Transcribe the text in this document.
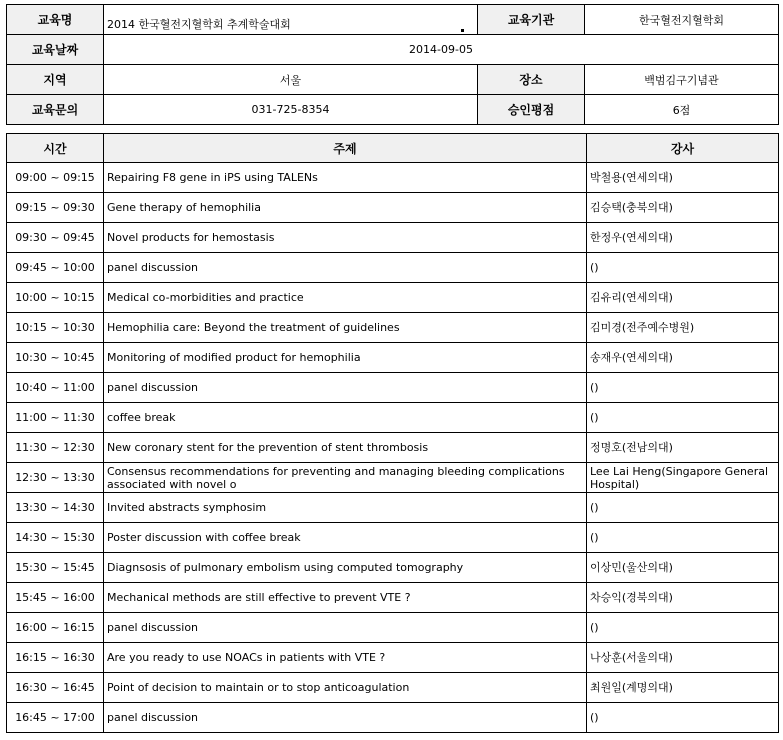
교육명	2014 한국혈전지혈학회 추계학술대회	교육기관	한국혈전지혈학회
교육날짜	2014-09-05		
지역	서울	장소	백범김구기념관
교육문의	031-725-8354	승인평점	6점
시간	주제	강사
09:00 ~ 09:15	Repairing F8 gene in iPS using TALENs	박철용(연세의대)
09:15 ~ 09:30	Gene therapy of hemophilia	김승택(충북의대)
09:30 ~ 09:45	Novel products for hemostasis	한정우(연세의대)
09:45 ~ 10:00	panel discussion	()
10:00 ~ 10:15	Medical co-morbidities and practice	김유리(연세의대)
10:15 ~ 10:30	Hemophilia care: Beyond the treatment of guidelines	김미경(전주예수병원)
10:30 ~ 10:45	Monitoring of modified product for hemophilia	송재우(연세의대)
10:40 ~ 11:00	panel discussion	()
11:00 ~ 11:30	coffee break	()
11:30 ~ 12:30	New coronary stent for the prevention of stent thrombosis	정명호(전남의대)
12:30 ~ 13:30	Consensus recommendations for preventing and managing bleeding complications associated with novel o	Lee Lai Heng(Singapore General Hospital)
13:30 ~ 14:30	Invited abstracts symphosim	()
14:30 ~ 15:30	Poster discussion with coffee break	()
15:30 ~ 15:45	Diagnsosis of pulmonary embolism using computed tomography	이상민(울산의대)
15:45 ~ 16:00	Mechanical methods are still effective to prevent VTE ?	차승익(경북의대)
16:00 ~ 16:15	panel discussion	()
16:15 ~ 16:30	Are you ready to use NOACs in patients with VTE ?	나상훈(서울의대)
16:30 ~ 16:45	Point of decision to maintain or to stop anticoagulation	최원일(계명의대)
16:45 ~ 17:00	panel discussion	()
